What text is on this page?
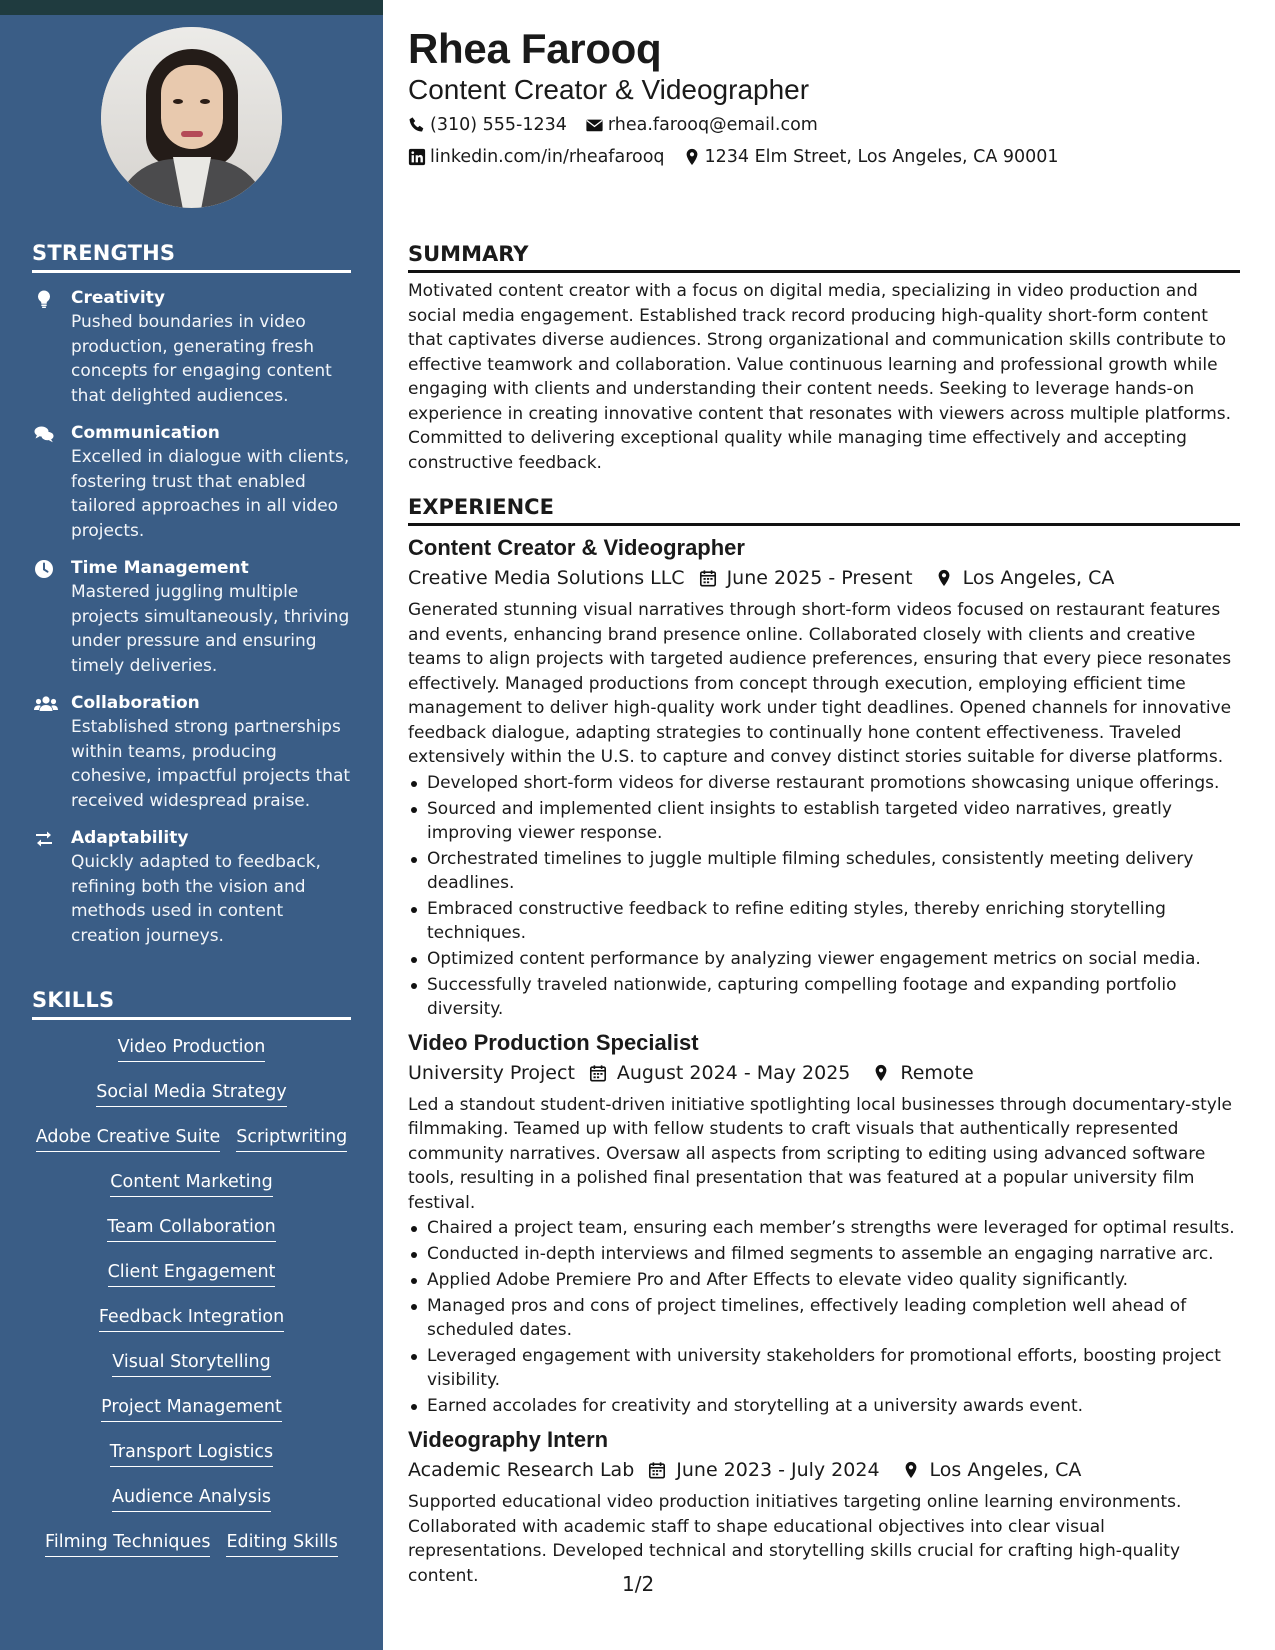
STRENGTHS
Creativity
Pushed boundaries in video production, generating fresh concepts for engaging content that delighted audiences.
Communication
Excelled in dialogue with clients, fostering trust that enabled tailored approaches in all video projects.
Time Management
Mastered juggling multiple projects simultaneously, thriving under pressure and ensuring timely deliveries.
Collaboration
Established strong partnerships within teams, producing cohesive, impactful projects that received widespread praise.
Adaptability
Quickly adapted to feedback, refining both the vision and methods used in content creation journeys.
SKILLS
Video Production
Social Media Strategy
Adobe Creative Suite Scriptwriting
Content Marketing
Team Collaboration
Client Engagement
Feedback Integration
Visual Storytelling
Project Management
Transport Logistics
Audience Analysis
Filming Techniques Editing Skills
Rhea Farooq
Content Creator & Videographer
(310) 555-1234 rhea.farooq@email.com
linkedin.com/in/rheafarooq 1234 Elm Street, Los Angeles, CA 90001
SUMMARY
Motivated content creator with a focus on digital media, specializing in video production and social media engagement. Established track record producing high-quality short-form content that captivates diverse audiences. Strong organizational and communication skills contribute to effective teamwork and collaboration. Value continuous learning and professional growth while engaging with clients and understanding their content needs. Seeking to leverage hands-on experience in creating innovative content that resonates with viewers across multiple platforms. Committed to delivering exceptional quality while managing time effectively and accepting constructive feedback.
EXPERIENCE
Content Creator & Videographer
Creative Media Solutions LLC June 2025 - Present	Los Angeles, CA
Generated stunning visual narratives through short-form videos focused on restaurant features and events, enhancing brand presence online. Collaborated closely with clients and creative teams to align projects with targeted audience preferences, ensuring that every piece resonates effectively. Managed productions from concept through execution, employing efficient time management to deliver high-quality work under tight deadlines. Opened channels for innovative feedback dialogue, adapting strategies to continually hone content effectiveness. Traveled extensively within the U.S. to capture and convey distinct stories suitable for diverse platforms.
Developed short-form videos for diverse restaurant promotions showcasing unique offerings.
Sourced and implemented client insights to establish targeted video narratives, greatly improving viewer response.
Orchestrated timelines to juggle multiple filming schedules, consistently meeting delivery deadlines.
Embraced constructive feedback to refine editing styles, thereby enriching storytelling techniques.
Optimized content performance by analyzing viewer engagement metrics on social media.
Successfully traveled nationwide, capturing compelling footage and expanding portfolio diversity.
Video Production Specialist
University Project August 2024 - May 2025	Remote
Led a standout student-driven initiative spotlighting local businesses through documentary-style filmmaking. Teamed up with fellow students to craft visuals that authentically represented community narratives. Oversaw all aspects from scripting to editing using advanced software tools, resulting in a polished final presentation that was featured at a popular university film festival.
Chaired a project team, ensuring each member’s strengths were leveraged for optimal results.
Conducted in-depth interviews and filmed segments to assemble an engaging narrative arc.
Applied Adobe Premiere Pro and After Effects to elevate video quality significantly.
Managed pros and cons of project timelines, effectively leading completion well ahead of scheduled dates.
Leveraged engagement with university stakeholders for promotional efforts, boosting project visibility.
Earned accolades for creativity and storytelling at a university awards event.
Videography Intern
Academic Research Lab June 2023 - July 2024	Los Angeles, CA
Supported educational video production initiatives targeting online learning environments. Collaborated with academic staff to shape educational objectives into clear visual representations. Developed technical and storytelling skills crucial for crafting high-quality content.	1/2
